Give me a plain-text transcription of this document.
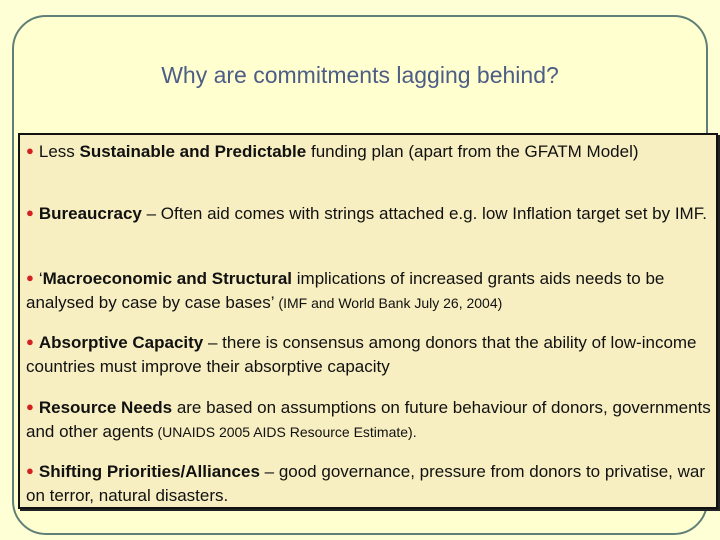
Why are commitments lagging behind?
● Less Sustainable and Predictable funding plan (apart from the GFATM Model)
● Bureaucracy – Often aid comes with strings attached e.g. low Inflation target set by IMF.
● ‘Macroeconomic and Structural implications of increased grants aids needs to be analysed by case by case bases’ (IMF and World Bank July 26, 2004)
● Absorptive Capacity – there is consensus among donors that the ability of low-income countries must improve their absorptive capacity
● Resource Needs are based on assumptions on future behaviour of donors, governments and other agents (UNAIDS 2005 AIDS Resource Estimate).
● Shifting Priorities/Alliances – good governance, pressure from donors to privatise, war on terror, natural disasters.
